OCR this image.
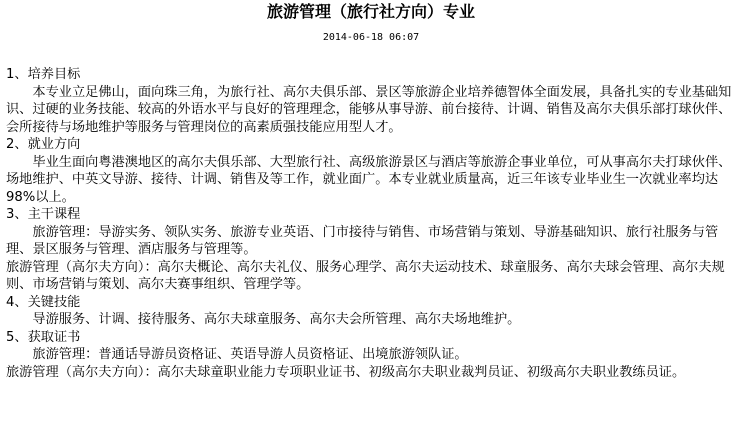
旅游管理（旅行社方向）专业
2014-06-18 06:07

1、培养目标

本专业立足佛山，面向珠三角，为旅行社、高尔夫俱乐部、景区等旅游企业培养德智体全面发展，具备扎实的专业基础知识、过硬的业务技能、较高的外语水平与良好的管理理念，能够从事导游、前台接待、计调、销售及高尔夫俱乐部打球伙伴、会所接待与场地维护等服务与管理岗位的高素质强技能应用型人才。

2、就业方向

毕业生面向粤港澳地区的高尔夫俱乐部、大型旅行社、高级旅游景区与酒店等旅游企事业单位，可从事高尔夫打球伙伴、场地维护、中英文导游、接待、计调、销售及等工作，就业面广。本专业就业质量高，近三年该专业毕业生一次就业率均达98%以上。

3、主干课程

旅游管理：导游实务、领队实务、旅游专业英语、门市接待与销售、市场营销与策划、导游基础知识、旅行社服务与管理、景区服务与管理、酒店服务与管理等。

旅游管理（高尔夫方向）：高尔夫概论、高尔夫礼仪、服务心理学、高尔夫运动技术、球童服务、高尔夫球会管理、高尔夫规则、市场营销与策划、高尔夫赛事组织、管理学等。

4、关键技能

导游服务、计调、接待服务、高尔夫球童服务、高尔夫会所管理、高尔夫场地维护。

5、获取证书

旅游管理：普通话导游员资格证、英语导游人员资格证、出境旅游领队证。

旅游管理（高尔夫方向）：高尔夫球童职业能力专项职业证书、初级高尔夫职业裁判员证、初级高尔夫职业教练员证。
